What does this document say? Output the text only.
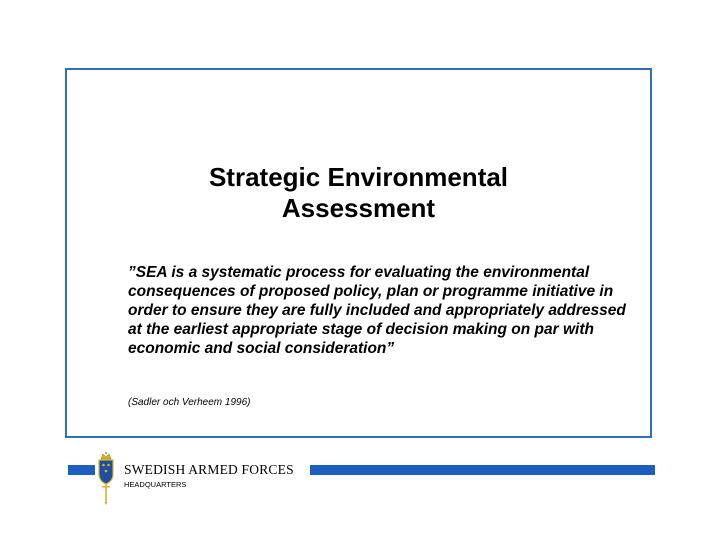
Strategic Environmental
Assessment

”SEA is a systematic process for evaluating the environmental consequences of proposed policy, plan or programme initiative in order to ensure they are fully included and appropriately addressed at the earliest appropriate stage of decision making on par with economic and social consideration”

(Sadler och Verheem 1996)

SWEDISH ARMED FORCES

HEADQUARTERS
